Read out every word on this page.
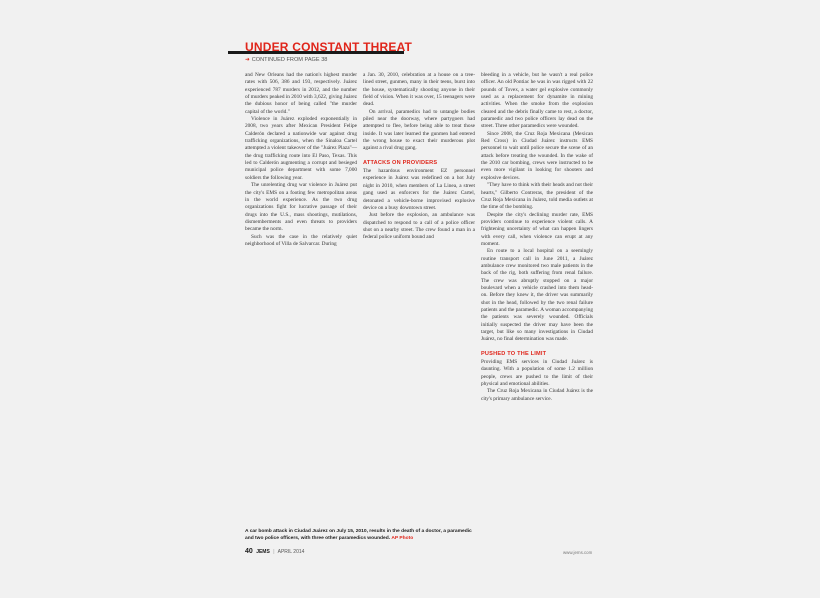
UNDER CONSTANT THREAT
➜ CONTINUED FROM PAGE 38

and New Orleans had the nation's highest murder rates with 506, 386 and 193, respectively. Juárez experienced 787 murders in 2012, and the number of murders peaked in 2010 with 3,622, giving Juárez the dubious honor of being called "the murder capital of the world."

Violence in Juárez exploded exponentially in 2008, two years after Mexican President Felipe Calderón declared a nationwide war against drug trafficking organizations, when the Sinaloa Cartel attempted a violent takeover of the "Juárez Plaza"—the drug trafficking route into El Paso, Texas. This led to Calderón augmenting a corrupt and besieged municipal police department with some 7,000 soldiers the following year.

The unrelenting drug war violence in Juárez put the city's EMS on a footing few metropolitan areas in the world experience. As the two drug organizations fight for lucrative passage of their drugs into the U.S., mass shootings, mutilations, dismemberments and even threats to providers became the norm.

Such was the case in the relatively quiet neighborhood of Villa de Salvarcar. During

a Jan. 30, 2010, celebration at a house on a tree-lined street, gunmen, many in their teens, burst into the house, systematically shooting anyone in their field of vision. When it was over, 15 teenagers were dead.

On arrival, paramedics had to untangle bodies piled near the doorway, where partygoers had attempted to flee, before being able to treat those inside. It was later learned the gunmen had entered the wrong house to exact their murderous plot against a rival drug gang.

ATTACKS ON PROVIDERS

The hazardous environment EZ personnel experience in Juárez was redefined on a hot July night in 2010, when members of La Linea, a street gang used as enforcers for the Juárez Cartel, detonated a vehicle-borne improvised explosive device on a busy downtown street.

Just before the explosion, an ambulance was dispatched to respond to a call of a police officer shot on a nearby street. The crew found a man in a federal police uniform bound and

bleeding in a vehicle, but he wasn't a real police officer. An old Pontiac he was in was rigged with 22 pounds of Tovex, a water gel explosive commonly used as a replacement for dynamite in mining activities. When the smoke from the explosion cleared and the debris finally came to rest, a doctor, paramedic and two police officers lay dead on the street. Three other paramedics were wounded.

Since 2008, the Cruz Roja Mexicana (Mexican Red Cross) in Ciudad Juárez instructs EMS personnel to wait until police secure the scene of an attack before treating the wounded. In the wake of the 2010 car bombing, crews were instructed to be even more vigilant in looking for shooters and explosive devices.

"They have to think with their heads and not their hearts," Gilberto Contreras, the president of the Cruz Roja Mexicana in Juárez, told media outlets at the time of the bombing.

Despite the city's declining murder rate, EMS providers continue to experience violent calls. A frightening uncertainty of what can happen lingers with every call, when violence can erupt at any moment.

En route to a local hospital on a seemingly routine transport call in June 2011, a Juárez ambulance crew monitored two male patients in the back of the rig, both suffering from renal failure. The crew was abruptly stopped on a major boulevard when a vehicle crashed into them head-on. Before they knew it, the driver was summarily shot in the head, followed by the two renal failure patients and the paramedic. A woman accompanying the patients was severely wounded. Officials initially suspected the driver may have been the target, but like so many investigations in Ciudad Juárez, no final determination was made.

PUSHED TO THE LIMIT

Providing EMS services in Ciudad Juárez is daunting. With a population of some 1.2 million people, crews are pushed to the limit of their physical and emotional abilities.

The Cruz Roja Mexicana in Ciudad Juárez is the city's primary ambulance service.

A car bomb attack in Ciudad Juárez on July 15, 2010, results in the death of a doctor, a paramedic and two police officers, with three other paramedics wounded. AP Photo
40 JEMS | APRIL 2014	www.jems.com
